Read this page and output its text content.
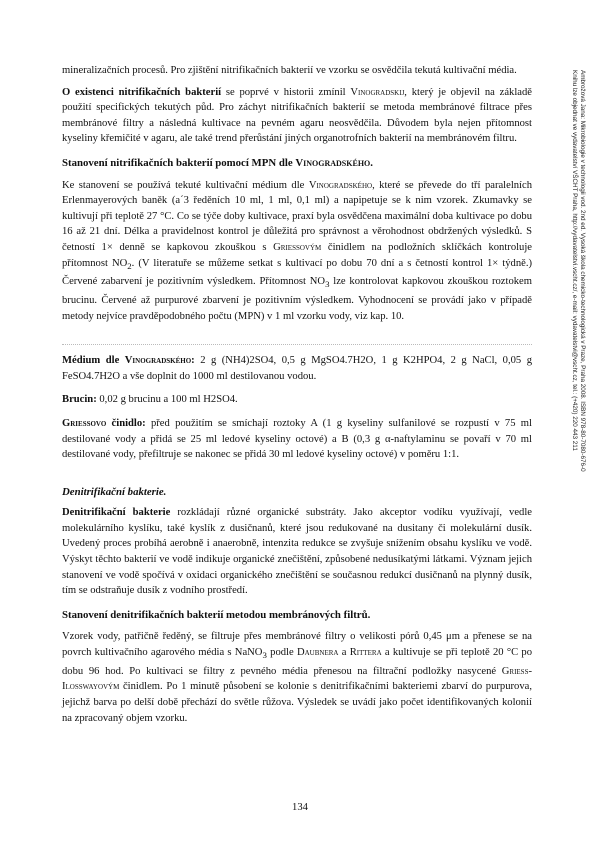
mineralizačních procesů. Pro zjištění nitrifikačních bakterií ve vzorku se osvědčila tekutá kultivační média.

O existenci nitrifikačních bakterií se poprvé v historii zmínil Vinogradskij, který je objevil na základě použití specifických tekutých půd. Pro záchyt nitrifikačních bakterií se metoda membránové filtrace přes membránové filtry a následná kultivace na pevném agaru neosvědčila. Důvodem byla nejen přítomnost kyseliny křemičité v agaru, ale také trend přerůstání jiných organotrofních bakterií na membránovém filtru.

Stanovení nitrifikačních bakterií pomocí MPN dle Vinogradského.

Ke stanovení se používá tekuté kultivační médium dle Vinogradského, které se převede do tří paralelních Erlenmayerových baněk (a´3 ředěních 10 ml, 1 ml, 0,1 ml) a napipetuje se k nim vzorek. Zkumavky se kultivují při teplotě 27 °C. Co se týče doby kultivace, praxí byla osvědčena maximální doba kultivace po dobu 16 až 21 dní. Délka a pravidelnost kontrol je důležitá pro správnost a věrohodnost obdržených výsledků. S četností 1× denně se kapkovou zkouškou s Griessovým činidlem na podložních sklíčkách kontroluje přítomnost $NO_2$. (V literatuře se můžeme setkat s kultivací po dobu 70 dní a s četností kontrol 1× týdně.) Červené zabarvení je pozitivním výsledkem. Přítomnost $NO_3$ lze kontrolovat kapkovou zkouškou roztokem brucinu. Červené až purpurové zbarvení je pozitivním výsledkem. Vyhodnocení se provádí jako v případě metody nejvíce pravděpodobného počtu (MPN) v 1 ml vzorku vody, viz kap. 10.

Médium dle Vinogradského: 2 g (NH4)2SO4, 0,5 g MgSO4.7H2O, 1 g K2HPO4, 2 g NaCl, 0,05 g FeSO4.7H2O a vše doplnit do 1000 ml destilovanou vodou.

Brucin: 0,02 g brucinu a 100 ml H2SO4.

Griessovo činidlo: před použitím se smíchají roztoky A (1 g kyseliny sulfanilové se rozpustí v 75 ml destilované vody a přidá se 25 ml ledové kyseliny octové) a B (0,3 g α-naftylaminu se povaří v 70 ml destilované vody, přefiltruje se nakonec se přidá 30 ml ledové kyseliny octové) v poměru 1:1.

Denitrifikační bakterie.

Denitrifikační bakterie rozkládají různé organické substráty. Jako akceptor vodíku využívají, vedle molekulárního kyslíku, také kyslík z dusičnanů, které jsou redukované na dusitany či molekulární dusík. Uvedený proces probíhá aerobně i anaerobně, intenzita redukce se zvyšuje snížením obsahu kyslíku ve vodě. Výskyt těchto bakterií ve vodě indikuje organické znečištění, způsobené nedusíkatými látkami. Význam jejich stanovení ve vodě spočívá v oxidaci organického znečištění se současnou redukcí dusičnanů na plynný dusík, tím se odstraňuje dusík z vodního prostředí.

Stanovení denitrifikačních bakterií metodou membránových filtrů.

Vzorek vody, patřičně ředěný, se filtruje přes membránové filtry o velikosti pórů 0,45 μm a přenese se na povrch kultivačního agarového média s NaNO$_3$ podle Daubnera a Rittera a kultivuje se při teplotě 20 °C po dobu 96 hod. Po kultivaci se filtry z pevného média přenesou na filtrační podložky nasycené Griess-Ilosswayovým činidlem. Po 1 minutě působení se kolonie s denitrifikačními bakteriemi zbarví do purpurova, jejichž barva po delší době přechází do světle růžova. Výsledek se uvádí jako počet identifikovaných kolonií na zpracovaný objem vzorku.

134
Ambrožová Jana: Mikrobiologie v technologii vod. 2nd ed. Vysoká škola chemicko-technologická v Praze, Praha 2008. ISBN 978-80-7080-676-0
Knihu lze objednat ve vydavatelství VŠCHT Praha, http://vydavatelstvi.vscht.cz/, e-mail: vydavatelstvi@vscht.cz, tel.: (+420) 220 443 211
